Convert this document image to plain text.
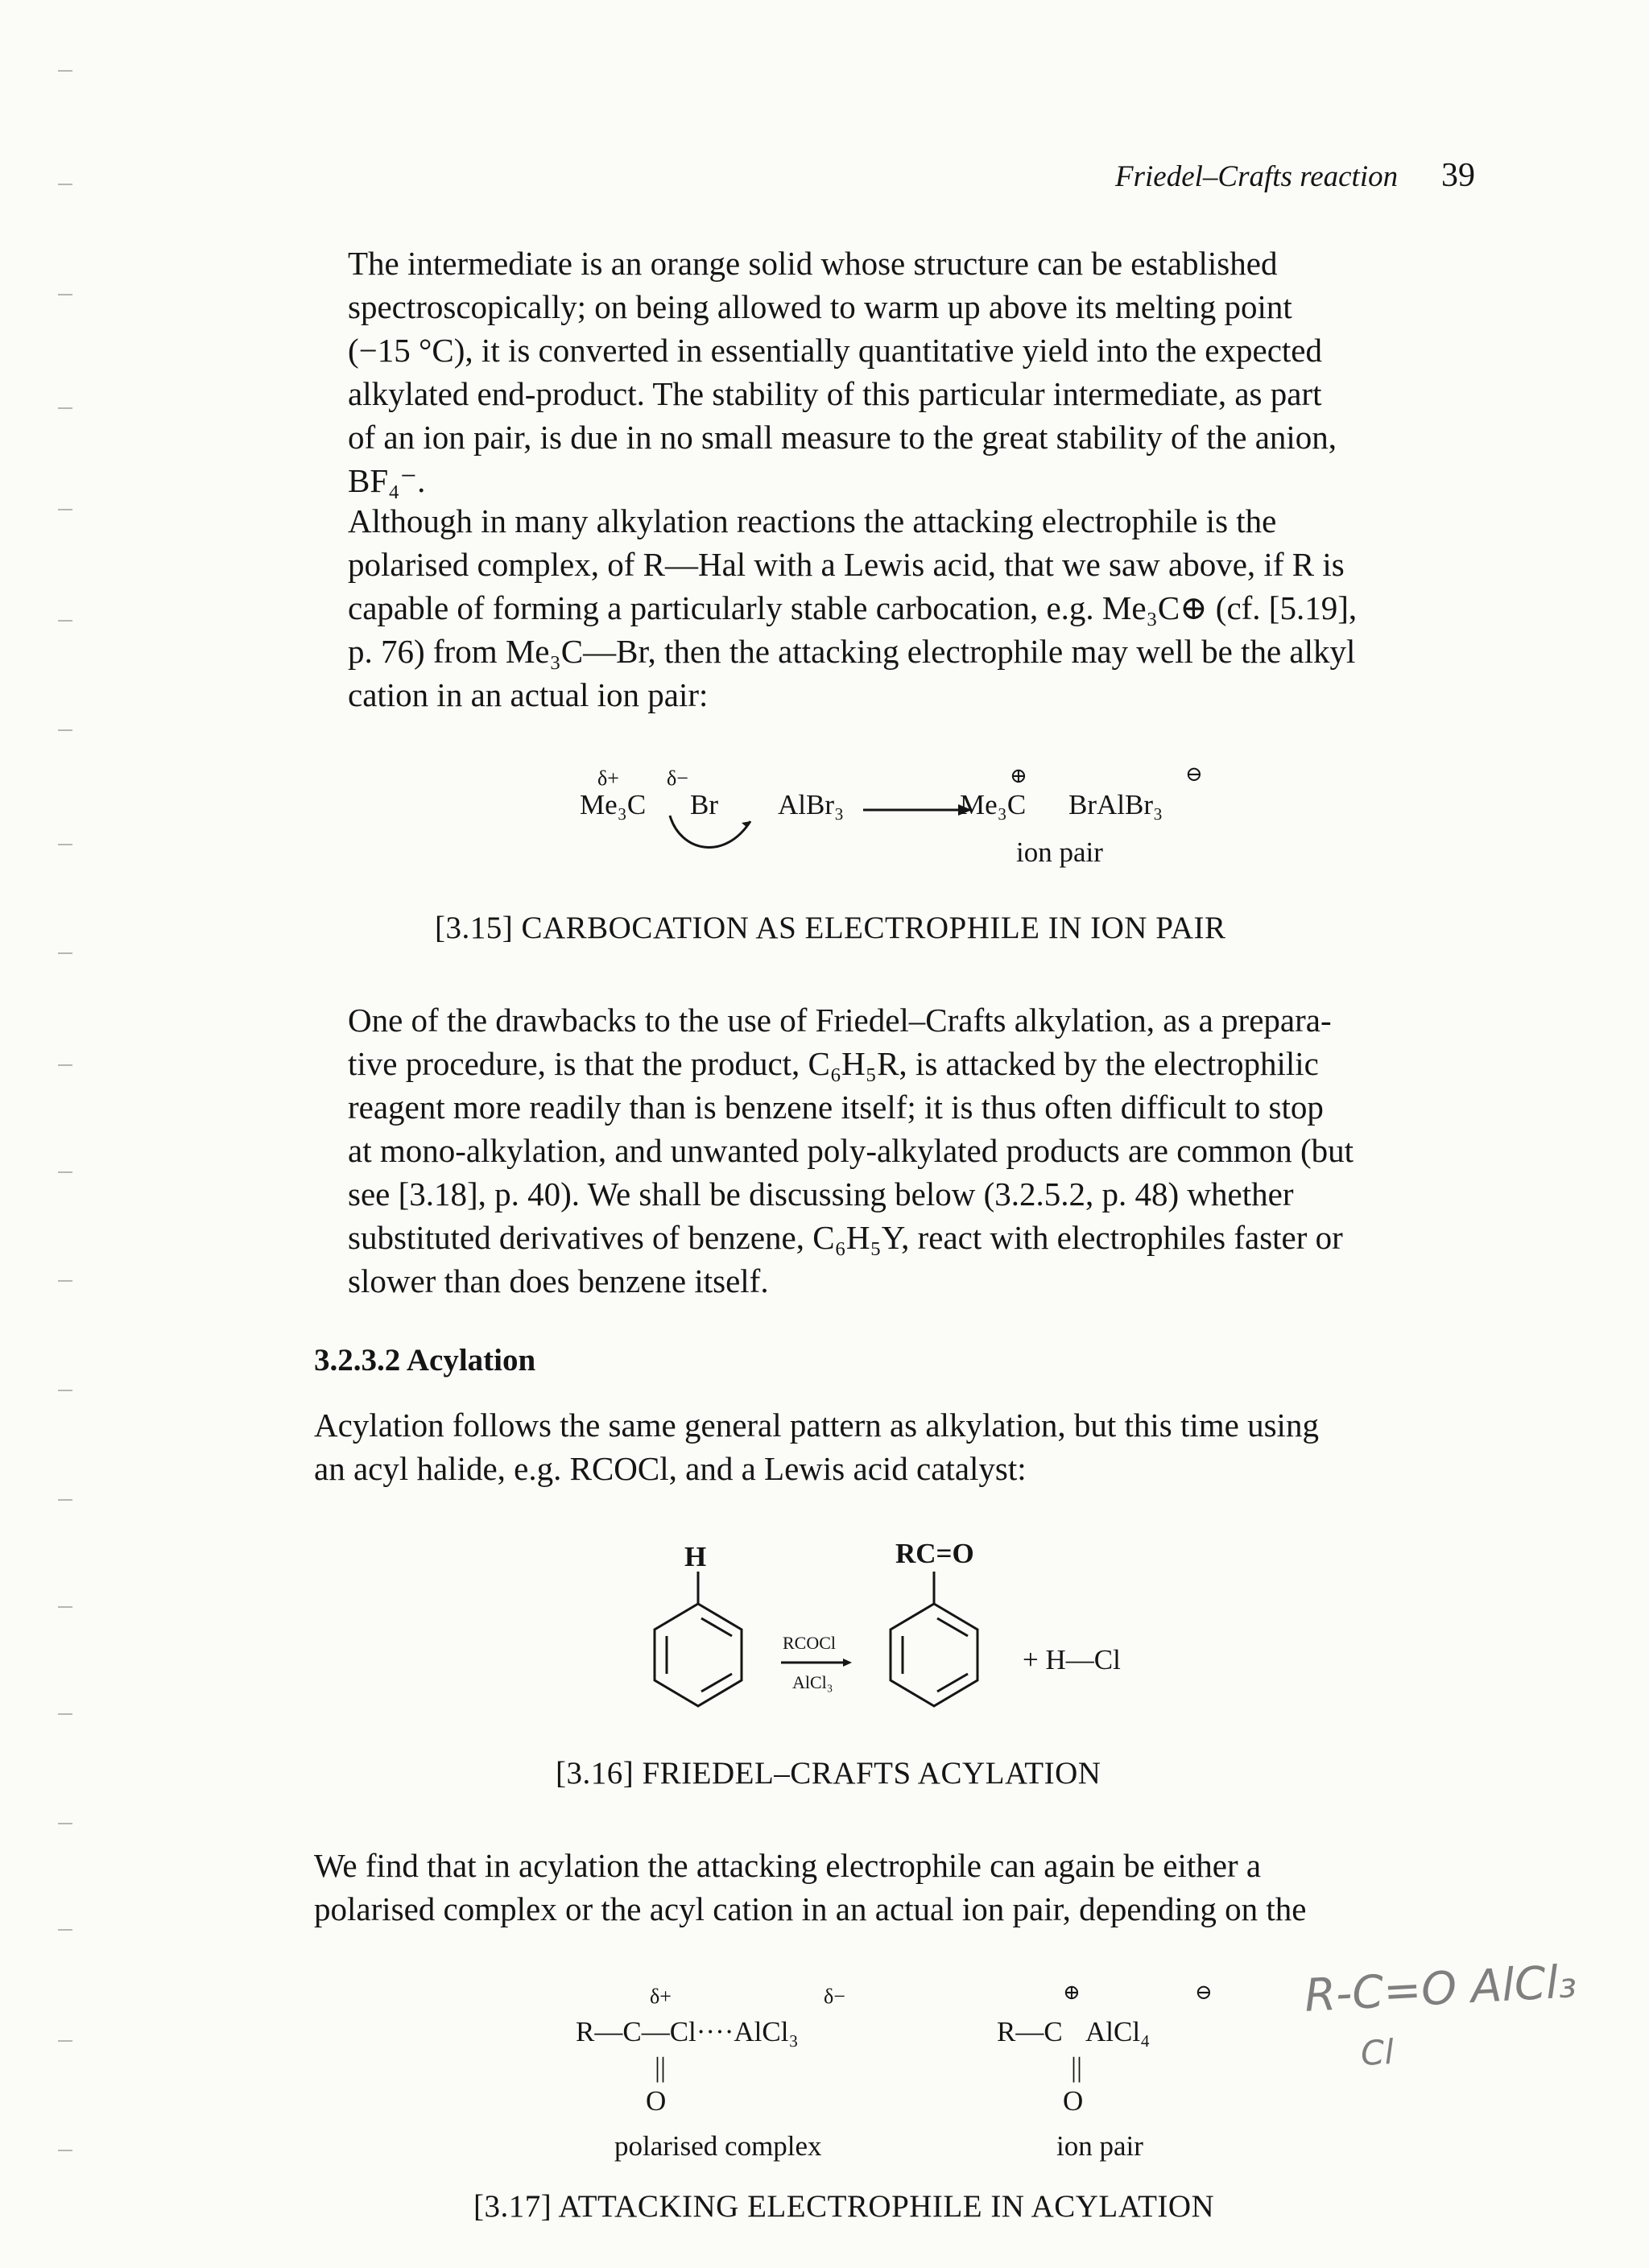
Friedel–Crafts reaction 39

The intermediate is an orange solid whose structure can be established
spectroscopically; on being allowed to warm up above its melting point
(−15 °C), it is converted in essentially quantitative yield into the expected
alkylated end-product. The stability of this particular intermediate, as part
of an ion pair, is due in no small measure to the great stability of the anion,
BF₄⁻.

Although in many alkylation reactions the attacking electrophile is the
polarised complex, of R—Hal with a Lewis acid, that we saw above, if R is
capable of forming a particularly stable carbocation, e.g. Me₃C⊕ (cf. [5.19],
p. 76) from Me₃C—Br, then the attacking electrophile may well be the alkyl
cation in an actual ion pair:

δ+ δ−
Me₃C Br AlBr₃
⊕
Me₃C BrAlBr₃
⊖
ion pair
[3.15] CARBOCATION AS ELECTROPHILE IN ION PAIR

One of the drawbacks to the use of Friedel–Crafts alkylation, as a prepara-
tive procedure, is that the product, C₆H₅R, is attacked by the electrophilic
reagent more readily than is benzene itself; it is thus often difficult to stop
at mono-alkylation, and unwanted poly-alkylated products are common (but
see [3.18], p. 40). We shall be discussing below (3.2.5.2, p. 48) whether
substituted derivatives of benzene, C₆H₅Y, react with electrophiles faster or
slower than does benzene itself.

3.2.3.2 Acylation

Acylation follows the same general pattern as alkylation, but this time using
an acyl halide, e.g. RCOCl, and a Lewis acid catalyst:

H	RC=O
RCOCl
AlCl₃
+ H—Cl
[3.16] FRIEDEL–CRAFTS ACYLATION

We find that in acylation the attacking electrophile can again be either a
polarised complex or the acyl cation in an actual ion pair, depending on the

δ+	δ−
R—C—Cl····AlCl₃
||
O
polarised complex
⊕
R—C AlCl₄
⊖
||
O
ion pair
R-C=O AlCl₃
Cl
[3.17] ATTACKING ELECTROPHILE IN ACYLATION
